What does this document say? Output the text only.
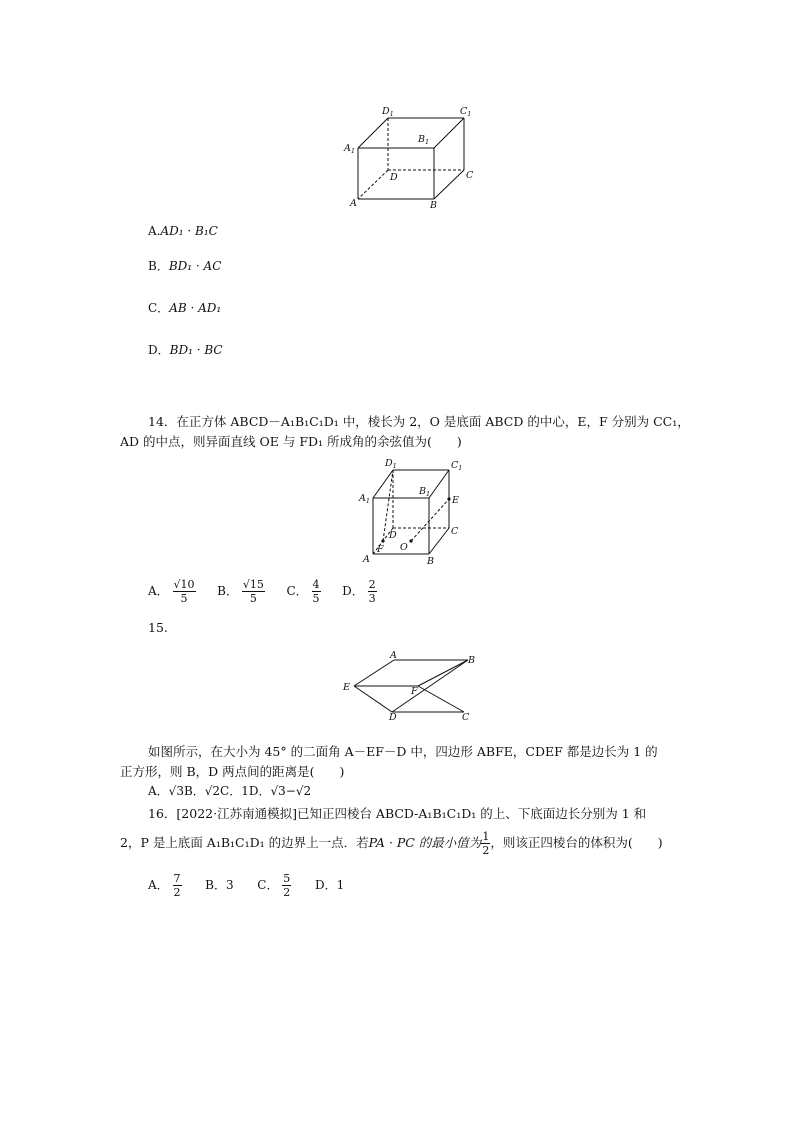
$D_1$	$C_1$
$A_1$
$B_1$
D	C
A	B
A.AD₁ · B₁C
B．BD₁ · AC
C．AB · AD₁
D．BD₁ · BC
14．在正方体 ABCD－A₁B₁C₁D₁ 中，棱长为 2，O 是底面 ABCD 的中心，E，F 分别为 CC₁，
AD 的中点，则异面直线 OE 与 FD₁ 所成角的余弦值为(　　)
$D_1$	$C_1$
$A_1$
$B_1$
E
C
D
F O
A	B
A． $\frac{√10}{5}$ B． $\frac{√15}{5}$ C． $\frac{4}{5}$ D． $\frac{2}{3}$
15.
A	B
E	F
D	C
如图所示，在大小为 45° 的二面角 A－EF－D 中，四边形 ABFE，CDEF 都是边长为 1 的
正方形，则 B，D 两点间的距离是(　　)
A．√3B．√2C．1D．√3−√2
16．[2022·江苏南通模拟]已知正四棱台 ABCD-A₁B₁C₁D₁ 的上、下底面边长分别为 1 和
2，P 是上底面 A₁B₁C₁D₁ 的边界上一点．若PA · PC 的最小值为 $\frac{1}{2}$ ，则该正四棱台的体积为(　　)
A． $\frac{7}{2}$ B．3 C． $\frac{5}{2}$ D．1
